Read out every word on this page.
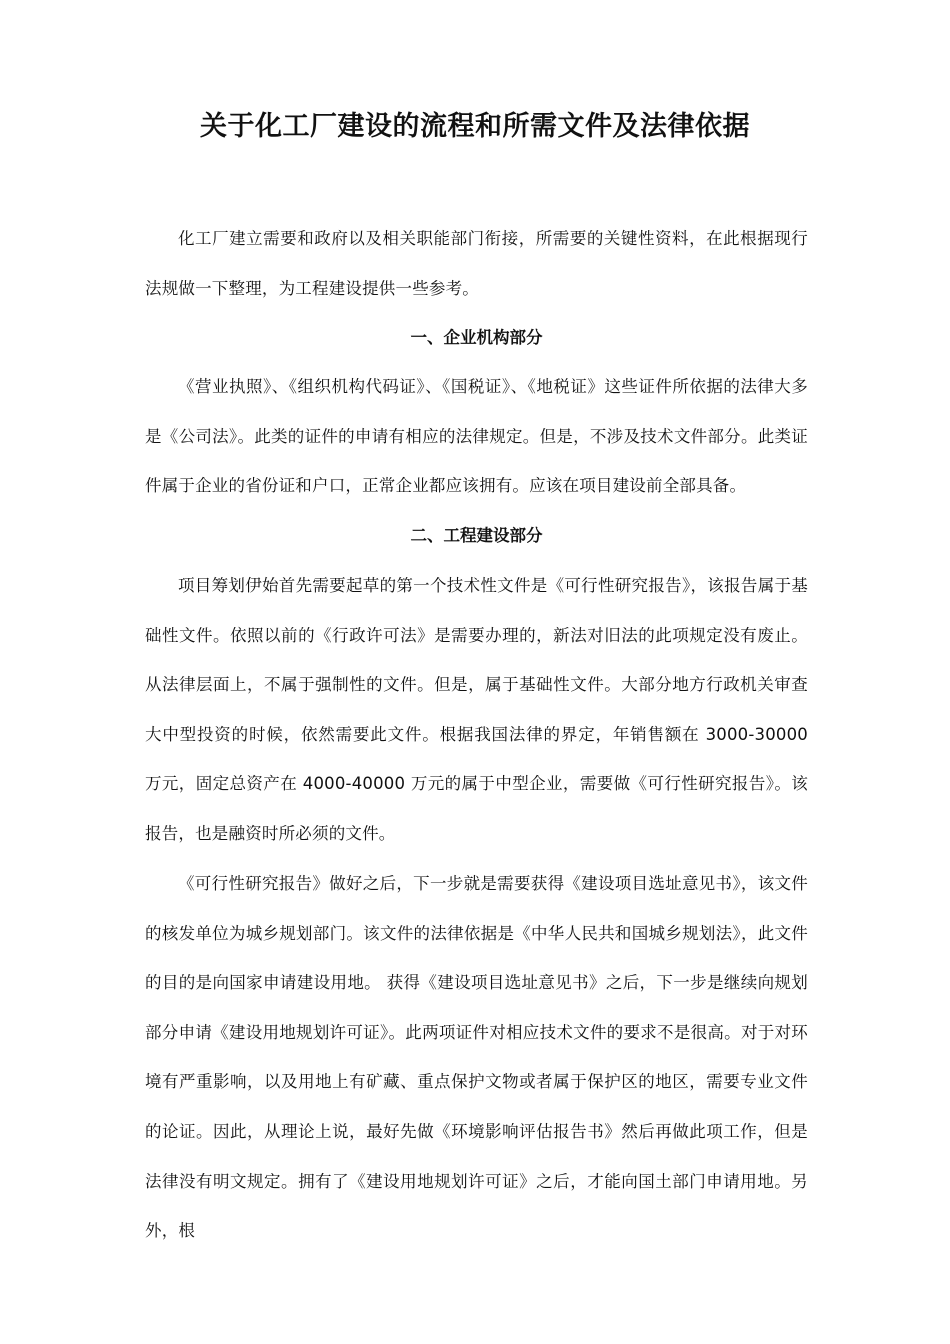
关于化工厂建设的流程和所需文件及法律依据

化工厂建立需要和政府以及相关职能部门衔接，所需要的关键性资料，在此根据现行法规做一下整理，为工程建设提供一些参考。

一、企业机构部分

《营业执照》、《组织机构代码证》、《国税证》、《地税证》这些证件所依据的法律大多是《公司法》。此类的证件的申请有相应的法律规定。但是，不涉及技术文件部分。此类证件属于企业的省份证和户口，正常企业都应该拥有。应该在项目建设前全部具备。

二、工程建设部分

项目筹划伊始首先需要起草的第一个技术性文件是《可行性研究报告》，该报告属于基础性文件。依照以前的《行政许可法》是需要办理的，新法对旧法的此项规定没有废止。从法律层面上，不属于强制性的文件。但是，属于基础性文件。大部分地方行政机关审查大中型投资的时候，依然需要此文件。根据我国法律的界定，年销售额在 3000-30000 万元，固定总资产在 4000-40000 万元的属于中型企业，需要做《可行性研究报告》。该报告，也是融资时所必须的文件。

《可行性研究报告》做好之后，下一步就是需要获得《建设项目选址意见书》，该文件的核发单位为城乡规划部门。该文件的法律依据是《中华人民共和国城乡规划法》，此文件的目的是向国家申请建设用地。 获得《建设项目选址意见书》之后，下一步是继续向规划部分申请《建设用地规划许可证》。此两项证件对相应技术文件的要求不是很高。对于对环境有严重影响，以及用地上有矿藏、重点保护文物或者属于保护区的地区，需要专业文件的论证。因此，从理论上说，最好先做《环境影响评估报告书》然后再做此项工作，但是法律没有明文规定。拥有了《建设用地规划许可证》之后，才能向国土部门申请用地。另外，根
